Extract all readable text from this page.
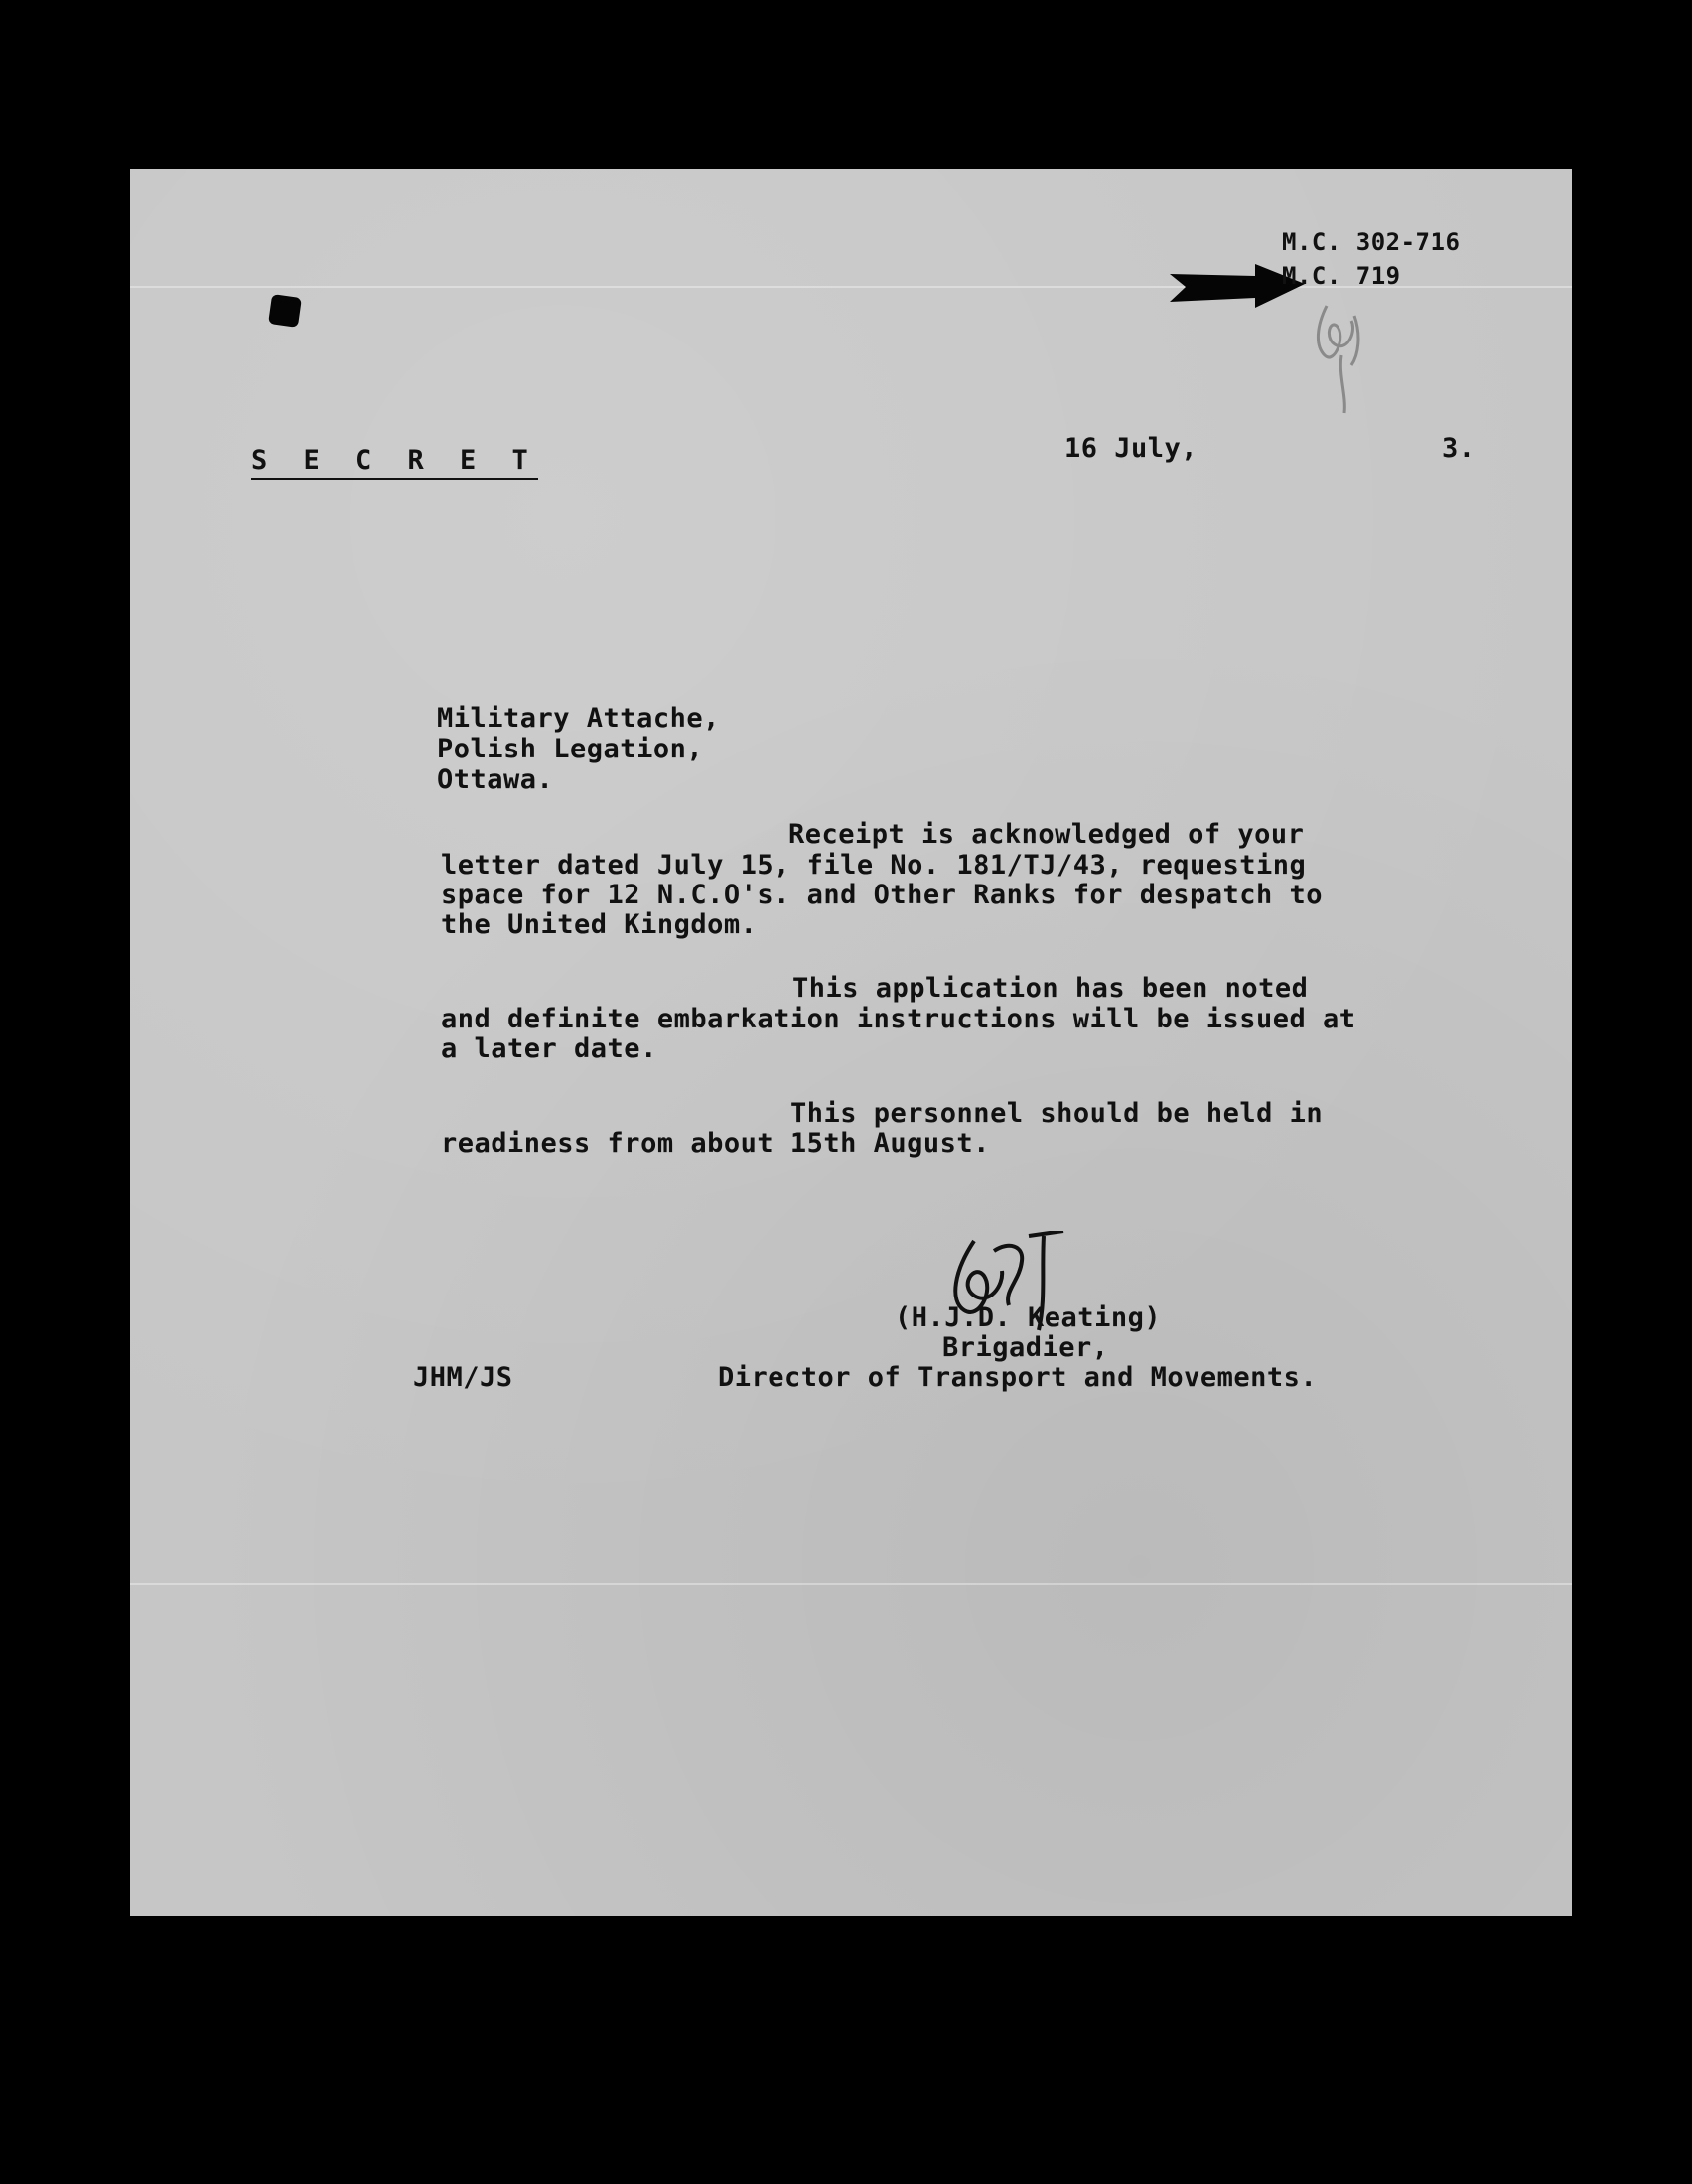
M.C. 302-716
M.C. 719
S E C R E T	16 July,	3.
Military Attache,
Polish Legation,
Ottawa.
Receipt is acknowledged of your
letter dated July 15, file No. 181/TJ/43, requesting
space for 12 N.C.O's. and Other Ranks for despatch to
the United Kingdom.
This application has been noted
and definite embarkation instructions will be issued at
a later date.
This personnel should be held in
readiness from about 15th August.
(H.J.D. Keating)
Brigadier,
JHM/JS	Director of Transport and Movements.
